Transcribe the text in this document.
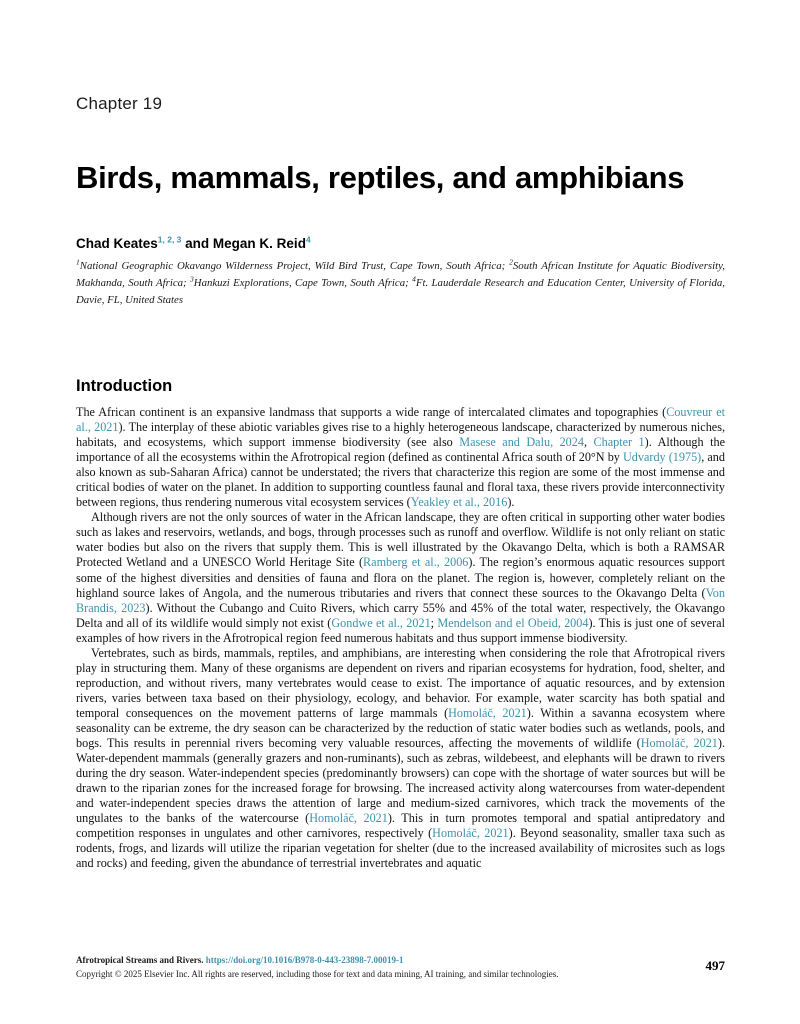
Chapter 19
Birds, mammals, reptiles, and amphibians
Chad Keates$^{1, 2, 3}$ and Megan K. Reid$^4$
$^1$National Geographic Okavango Wilderness Project, Wild Bird Trust, Cape Town, South Africa; $^2$South African Institute for Aquatic Biodiversity, Makhanda, South Africa; $^3$Hankuzi Explorations, Cape Town, South Africa; $^4$Ft. Lauderdale Research and Education Center, University of Florida, Davie, FL, United States
Introduction

The African continent is an expansive landmass that supports a wide range of intercalated climates and topographies (Couvreur et al., 2021). The interplay of these abiotic variables gives rise to a highly heterogeneous landscape, characterized by numerous niches, habitats, and ecosystems, which support immense biodiversity (see also Masese and Dalu, 2024, Chapter 1). Although the importance of all the ecosystems within the Afrotropical region (defined as continental Africa south of 20°N by Udvardy (1975), and also known as sub-Saharan Africa) cannot be understated; the rivers that characterize this region are some of the most immense and critical bodies of water on the planet. In addition to supporting countless faunal and floral taxa, these rivers provide interconnectivity between regions, thus rendering numerous vital ecosystem services (Yeakley et al., 2016).

Although rivers are not the only sources of water in the African landscape, they are often critical in supporting other water bodies such as lakes and reservoirs, wetlands, and bogs, through processes such as runoff and overflow. Wildlife is not only reliant on static water bodies but also on the rivers that supply them. This is well illustrated by the Okavango Delta, which is both a RAMSAR Protected Wetland and a UNESCO World Heritage Site (Ramberg et al., 2006). The region’s enormous aquatic resources support some of the highest diversities and densities of fauna and flora on the planet. The region is, however, completely reliant on the highland source lakes of Angola, and the numerous tributaries and rivers that connect these sources to the Okavango Delta (Von Brandis, 2023). Without the Cubango and Cuito Rivers, which carry 55% and 45% of the total water, respectively, the Okavango Delta and all of its wildlife would simply not exist (Gondwe et al., 2021; Mendelson and el Obeid, 2004). This is just one of several examples of how rivers in the Afrotropical region feed numerous habitats and thus support immense biodiversity.

Vertebrates, such as birds, mammals, reptiles, and amphibians, are interesting when considering the role that Afrotropical rivers play in structuring them. Many of these organisms are dependent on rivers and riparian ecosystems for hydration, food, shelter, and reproduction, and without rivers, many vertebrates would cease to exist. The importance of aquatic resources, and by extension rivers, varies between taxa based on their physiology, ecology, and behavior. For example, water scarcity has both spatial and temporal consequences on the movement patterns of large mammals (Homoláč, 2021). Within a savanna ecosystem where seasonality can be extreme, the dry season can be characterized by the reduction of static water bodies such as wetlands, pools, and bogs. This results in perennial rivers becoming very valuable resources, affecting the movements of wildlife (Homoláč, 2021). Water-dependent mammals (generally grazers and non-ruminants), such as zebras, wildebeest, and elephants will be drawn to rivers during the dry season. Water-independent species (predominantly browsers) can cope with the shortage of water sources but will be drawn to the riparian zones for the increased forage for browsing. The increased activity along watercourses from water-dependent and water-independent species draws the attention of large and medium-sized carnivores, which track the movements of the ungulates to the banks of the watercourse (Homoláč, 2021). This in turn promotes temporal and spatial antipredatory and competition responses in ungulates and other carnivores, respectively (Homoláč, 2021). Beyond seasonality, smaller taxa such as rodents, frogs, and lizards will utilize the riparian vegetation for shelter (due to the increased availability of microsites such as logs and rocks) and feeding, given the abundance of terrestrial invertebrates and aquatic

Afrotropical Streams and Rivers. https://doi.org/10.1016/B978-0-443-23898-7.00019-1
Copyright © 2025 Elsevier Inc. All rights are reserved, including those for text and data mining, AI training, and similar technologies.
497
